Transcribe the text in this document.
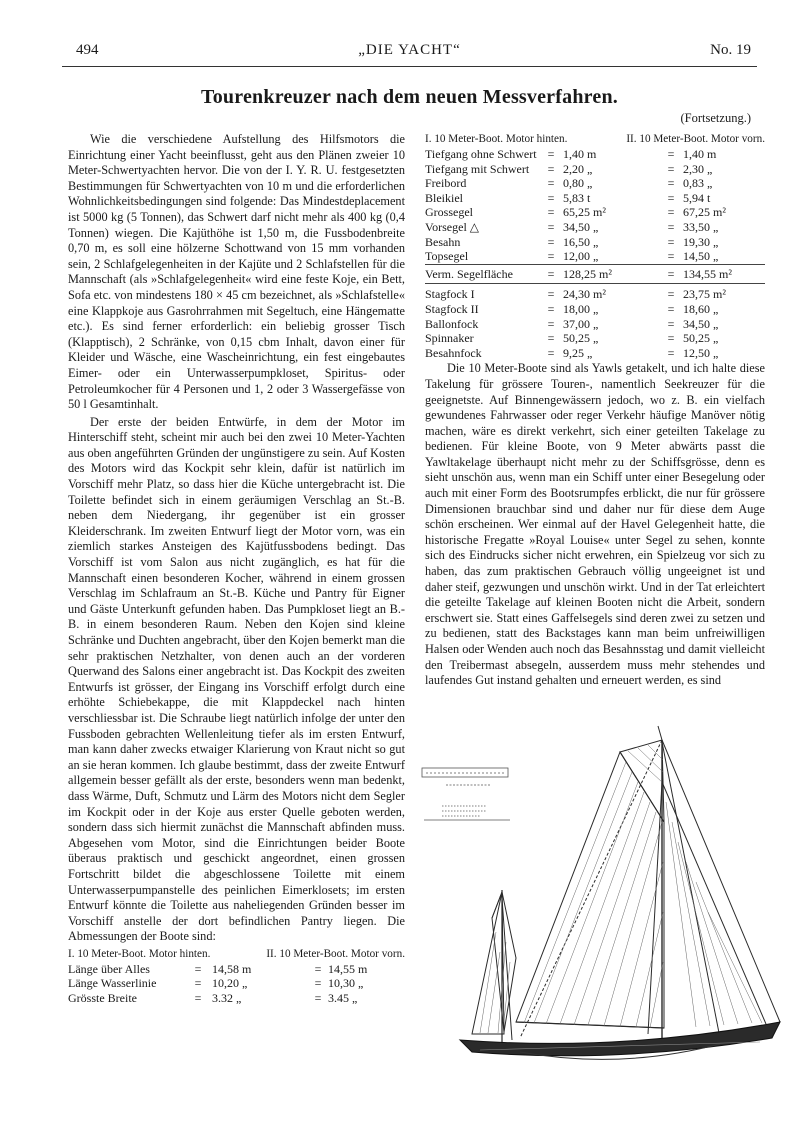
494	„DIE YACHT“	No. 19
Tourenkreuzer nach dem neuen Messverfahren.
(Fortsetzung.)

Wie die verschiedene Aufstellung des Hilfsmotors die Einrichtung einer Yacht beeinflusst, geht aus den Plänen zweier 10 Meter-Schwertyachten hervor. Die von der I. Y. R. U. festgesetzten Bestimmungen für Schwertyachten von 10 m und die erforderlichen Wohnlichkeitsbedingungen sind folgende: Das Mindestdeplacement ist 5000 kg (5 Tonnen), das Schwert darf nicht mehr als 400 kg (0,4 Tonnen) wiegen. Die Kajüthöhe ist 1,50 m, die Fussbodenbreite 0,70 m, es soll eine hölzerne Schottwand von 15 mm vorhanden sein, 2 Schlafgelegenheiten in der Kajüte und 2 Schlafstellen für die Mannschaft (als »Schlafgelegenheit« wird eine feste Koje, ein Bett, Sofa etc. von mindestens 180 × 45 cm bezeichnet, als »Schlafstelle« eine Klappkoje aus Gasrohrrahmen mit Segeltuch, eine Hängematte etc.). Es sind ferner erforderlich: ein beliebig grosser Tisch (Klapptisch), 2 Schränke, von 0,15 cbm Inhalt, davon einer für Kleider und Wäsche, eine Wascheinrichtung, ein fest eingebautes Eimer- oder ein Unterwasserpumpkloset, Spiritus- oder Petroleumkocher für 4 Personen und 1, 2 oder 3 Wassergefässe von 50 l Gesamtinhalt.

Der erste der beiden Entwürfe, in dem der Motor im Hinterschiff steht, scheint mir auch bei den zwei 10 Meter-Yachten aus oben angeführten Gründen der ungünstigere zu sein. Auf Kosten des Motors wird das Kockpit sehr klein, dafür ist natürlich im Vorschiff mehr Platz, so dass hier die Küche untergebracht ist. Die Toilette befindet sich in einem geräumigen Verschlag an St.-B. neben dem Niedergang, ihr gegenüber ist ein grosser Kleiderschrank. Im zweiten Entwurf liegt der Motor vorn, was ein ziemlich starkes Ansteigen des Kajütfussbodens bedingt. Das Vorschiff ist vom Salon aus nicht zugänglich, es hat für die Mannschaft einen besonderen Kocher, während in einem grossen Verschlag im Schlafraum an St.-B. Küche und Pantry für Eigner und Gäste Unterkunft gefunden haben. Das Pumpkloset liegt an B.-B. in einem besonderen Raum. Neben den Kojen sind kleine Schränke und Duchten angebracht, über den Kojen bemerkt man die sehr praktischen Netzhalter, von denen auch an der vorderen Querwand des Salons einer angebracht ist. Das Kockpit des zweiten Entwurfs ist grösser, der Eingang ins Vorschiff erfolgt durch eine erhöhte Schiebekappe, die mit Klappdeckel nach hinten verschliessbar ist. Die Schraube liegt natürlich infolge der unter den Fussboden gebrachten Wellenleitung tiefer als im ersten Entwurf, man kann daher zwecks etwaiger Klarierung von Kraut nicht so gut an sie heran kommen. Ich glaube bestimmt, dass der zweite Entwurf allgemein besser gefällt als der erste, besonders wenn man bedenkt, dass Wärme, Duft, Schmutz und Lärm des Motors nicht dem Segler im Kockpit oder in der Koje aus erster Quelle geboten werden, sondern dass sich hiermit zunächst die Mannschaft abfinden muss. Abgesehen vom Motor, sind die Einrichtungen beider Boote überaus praktisch und geschickt angeordnet, einen grossen Fortschritt bildet die abgeschlossene Toilette mit einem Unterwasserpumpanstelle des peinlichen Eimerklosets; im ersten Entwurf könnte die Toilette aus naheliegenden Gründen besser im Vorschiff anstelle der dort befindlichen Pantry liegen. Die Abmessungen der Boote sind:

I. 10 Meter-Boot. Motor hinten.	II. 10 Meter-Boot. Motor vorn.
Länge über Alles	=	14,58 m	=	14,55 m
Länge Wasserlinie	=	10,20 „	=	10,30 „
Grösste Breite	=	3.32 „	=	3.45 „
I. 10 Meter-Boot. Motor hinten.	II. 10 Meter-Boot. Motor vorn.
Tiefgang ohne Schwert	=	1,40 m	=	1,40 m
Tiefgang mit Schwert	=	2,20 „	=	2,30 „
Freibord	=	0,80 „	=	0,83 „
Bleikiel	=	5,83 t	=	5,94 t
Grossegel	=	65,25 m²	=	67,25 m²
Vorsegel △	=	34,50 „	=	33,50 „
Besahn	=	16,50 „	=	19,30 „
Topsegel	=	12,00 „	=	14,50 „
Verm. Segelfläche	=	128,25 m²	=	134,55 m²
Stagfock I	=	24,30 m²	=	23,75 m²
Stagfock II	=	18,00 „	=	18,60 „
Ballonfock	=	37,00 „	=	34,50 „
Spinnaker	=	50,25 „	=	50,25 „
Besahnfock	=	9,25 „	=	12,50 „

Die 10 Meter-Boote sind als Yawls getakelt, und ich halte diese Takelung für grössere Touren-, namentlich Seekreuzer für die geeignetste. Auf Binnengewässern jedoch, wo z. B. ein vielfach gewundenes Fahrwasser oder reger Verkehr häufige Manöver nötig machen, wäre es direkt verkehrt, sich einer geteilten Takelage zu bedienen. Für kleine Boote, von 9 Meter abwärts passt die Yawltakelage überhaupt nicht mehr zu der Schiffsgrösse, denn es sieht unschön aus, wenn man ein Schiff unter einer Besegelung oder auch mit einer Form des Bootsrumpfes erblickt, die nur für grössere Dimensionen brauchbar sind und daher nur für diese dem Auge schön erscheinen. Wer einmal auf der Havel Gelegenheit hatte, die historische Fregatte »Royal Louise« unter Segel zu sehen, konnte sich des Eindrucks sicher nicht erwehren, ein Spielzeug vor sich zu haben, das zum praktischen Gebrauch völlig ungeeignet ist und daher steif, gezwungen und unschön wirkt. Und in der Tat erleichtert die geteilte Takelage auf kleinen Booten nicht die Arbeit, sondern erschwert sie. Statt eines Gaffelsegels sind deren zwei zu setzen und zu bedienen, statt des Backstages kann man beim unfreiwilligen Halsen oder Wenden auch noch das Besahnsstag und damit vielleicht den Treibermast absegeln, ausserdem muss mehr stehendes und laufendes Gut instand gehalten und erneuert werden, es sind
